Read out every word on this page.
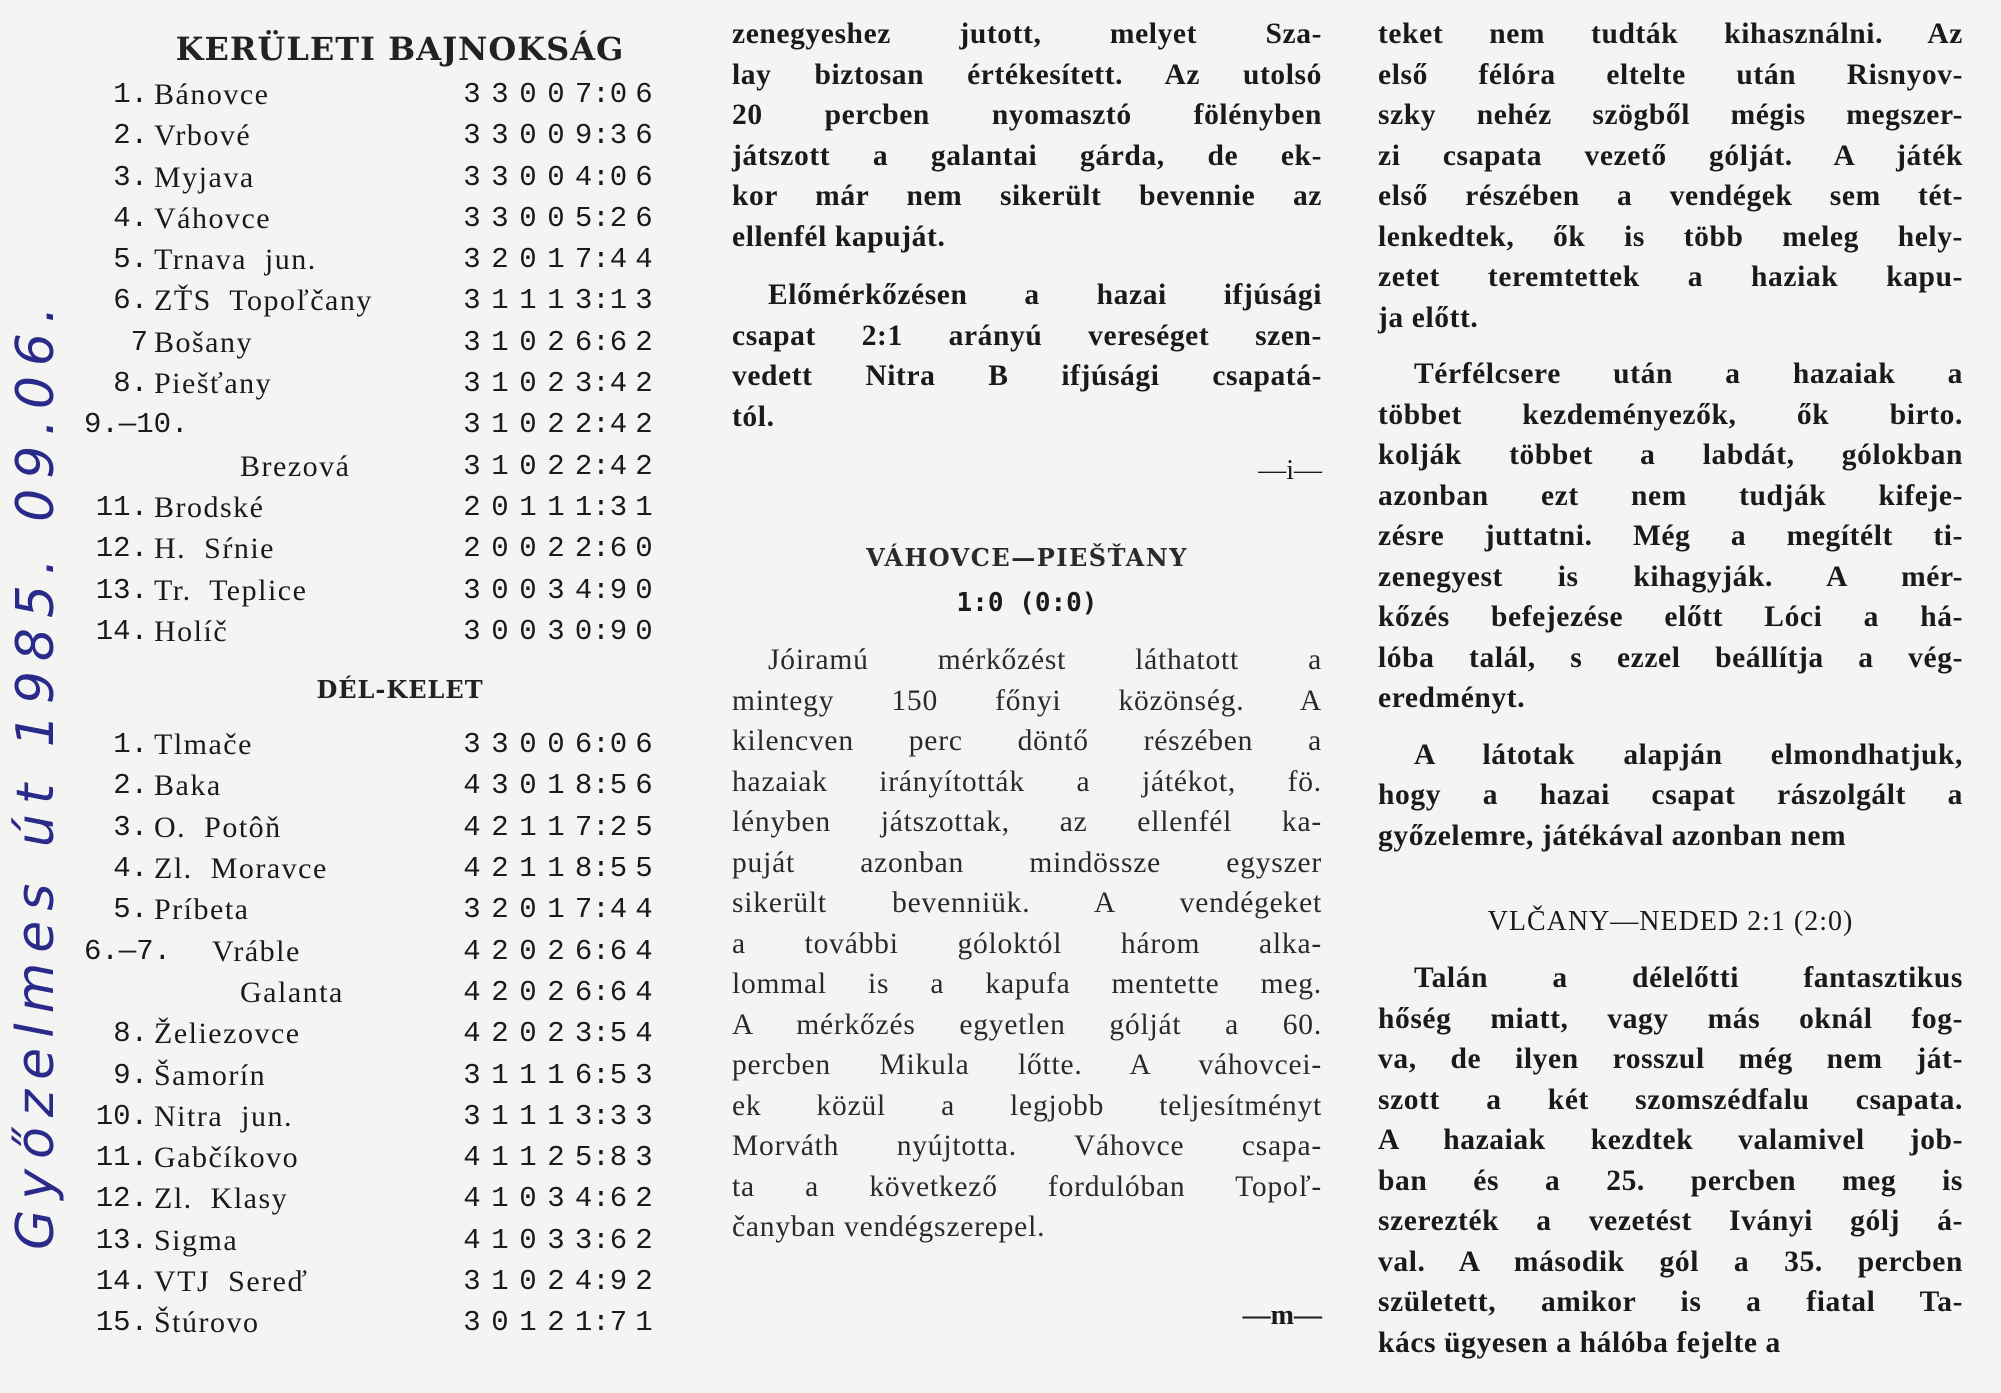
KERÜLETI BAJNOKSÁG
1. Bánovce	3 3 0 0 7:0 6
2. Vrbové	3 3 0 0 9:3 6
3. Myjava	3 3 0 0 4:0 6
4. Váhovce	3 3 0 0 5:2 6
5. Trnava  jun.	3 2 0 1 7:4 4
6. ZŤS  Topoľčany	3 1 1 1 3:1 3
7 Bošany	3 1 0 2 6:6 2
8. Piešťany	3 1 0 2 3:4 2
9.—10.	3 1 0 2 2:4 2
Brezová	3 1 0 2 2:4 2
11. Brodské	2 0 1 1 1:3 1
12. H.  Sŕnie	2 0 0 2 2:6 0
13. Tr.  Teplice	3 0 0 3 4:9 0
14. Holíč	3 0 0 3 0:9 0
DÉL-KELET
1. Tlmače	3 3 0 0 6:0 6
2. Baka	4 3 0 1 8:5 6
3. O.  Potôň	4 2 1 1 7:2 5
4. Zl.  Moravce	4 2 1 1 8:5 5
5. Príbeta	3 2 0 1 7:4 4
6.—7. Vráble	4 2 0 2 6:6 4
Galanta	4 2 0 2 6:6 4
8. Želiezovce	4 2 0 2 3:5 4
9. Šamorín	3 1 1 1 6:5 3
10. Nitra  jun.	3 1 1 1 3:3 3
11. Gabčíkovo	4 1 1 2 5:8 3
12. Zl.  Klasy	4 1 0 3 4:6 2
13. Sigma	4 1 0 3 3:6 2
14. VTJ  Sereď	3 1 0 2 4:9 2
15. Štúrovo	3 0 1 2 1:7 1

zenegyeshez jutott, melyet Sza-
lay biztosan értékesített. Az utolsó
20 percben nyomasztó fölényben
játszott a galantai gárda, de ek-
kor már nem sikerült bevennie az
ellenfél kapuját.

Előmérkőzésen a hazai ifjúsági
csapat 2:1 arányú vereséget szen-
vedett Nitra B ifjúsági csapatá-
tól.

—i—
VÁHOVCE—PIEŠŤANY
1:0 (0:0)

Jóiramú mérkőzést láthatott a
mintegy 150 főnyi közönség. A
kilencven perc döntő részében a
hazaiak irányították a játékot, fö.
lényben játszottak, az ellenfél ka-
puját azonban mindössze egyszer
sikerült bevenniük. A vendégeket
a további góloktól három alka-
lommal is a kapufa mentette meg.
A mérkőzés egyetlen gólját a 60.
percben Mikula lőtte. A váhovcei-
ek közül a legjobb teljesítményt
Morváth nyújtotta. Váhovce csapa-
ta a következő fordulóban Topoľ-
čanyban vendégszerepel.

—m—

teket nem tudták kihasználni. Az
első félóra eltelte után Risnyov-
szky nehéz szögből mégis megszer-
zi csapata vezető gólját. A játék
első részében a vendégek sem tét-
lenkedtek, ők is több meleg hely-
zetet teremtettek a haziak kapu-
ja előtt.

Térfélcsere után a hazaiak a
többet kezdeményezők, ők birto.
kolják többet a labdát, gólokban
azonban ezt nem tudják kifeje-
zésre juttatni. Még a megítélt ti-
zenegyest is kihagyják. A mér-
kőzés befejezése előtt Lóci a há-
lóba talál, s ezzel beállítja a vég-
eredményt.

A látotak alapján elmondhatjuk,
hogy a hazai csapat rászolgált a
győzelemre, játékával azonban nem

VLČANY—NEDED 2:1 (2:0)

Talán a délelőtti fantasztikus
hőség miatt, vagy más oknál fog-
va, de ilyen rosszul még nem ját-
szott a két szomszédfalu csapata.
A hazaiak kezdtek valamivel job-
ban és a 25. percben meg is
szerezték a vezetést Iványi gólj á-
val. A második gól a 35. percben
született, amikor is a fiatal Ta-
kács ügyesen a hálóba fejelte a

Győzelmes út 1985. 09.06.
